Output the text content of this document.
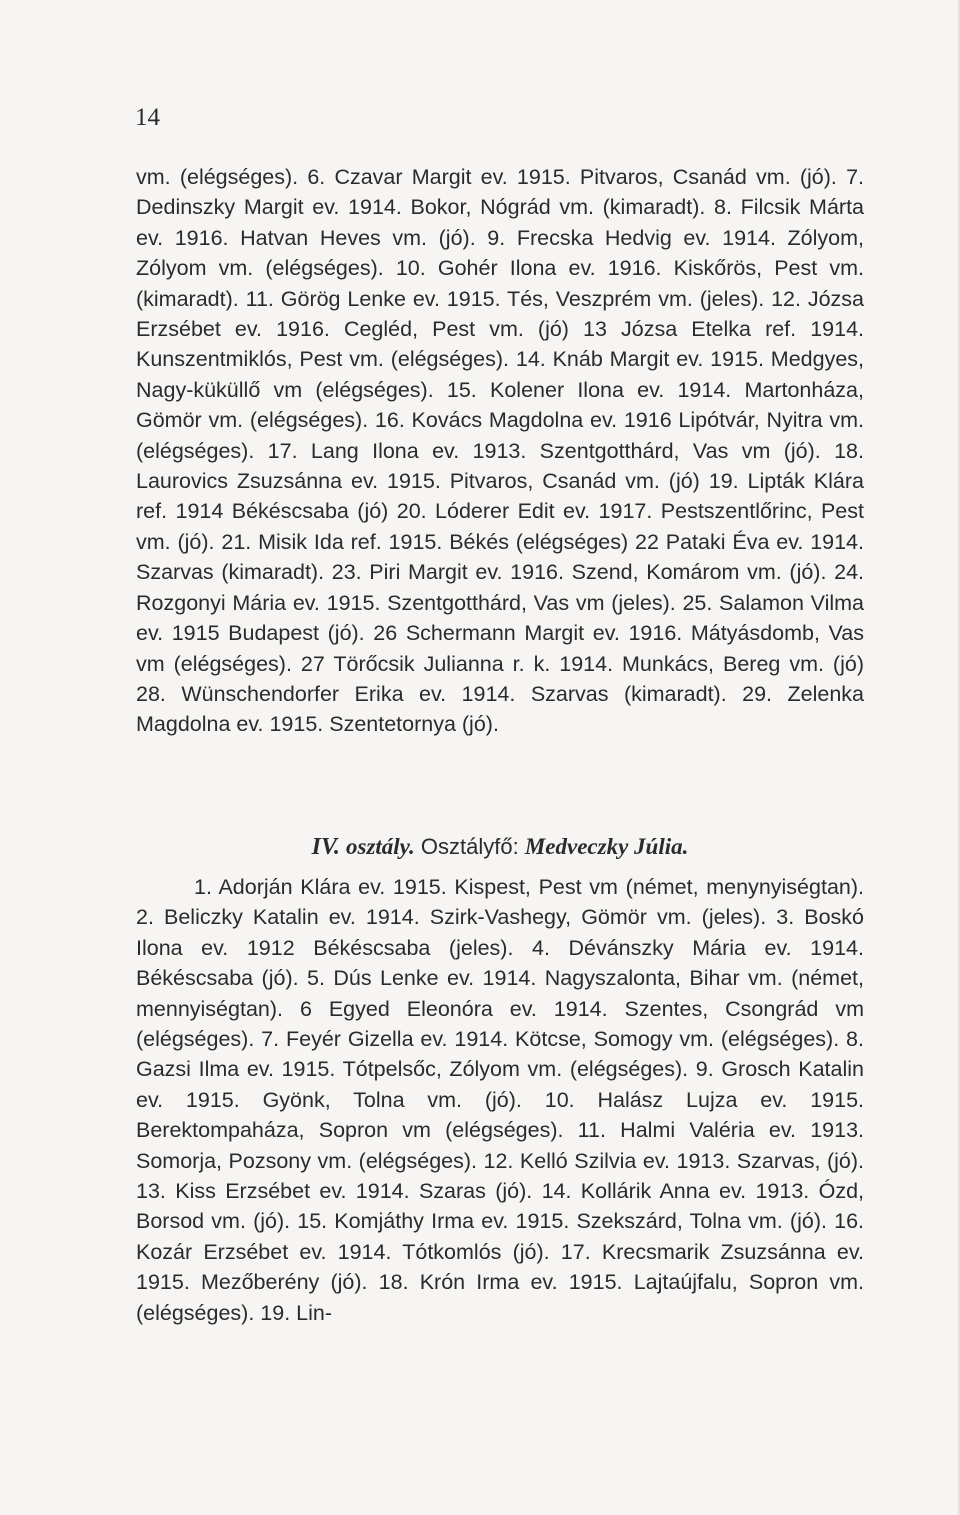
14

vm. (elégséges). 6. Czavar Margit ev. 1915. Pitvaros, Csanád vm. (jó). 7. Dedinszky Margit ev. 1914. Bokor, Nógrád vm. (kimaradt). 8. Filcsik Márta ev. 1916. Hatvan Heves vm. (jó). 9. Frecska Hedvig ev. 1914. Zólyom, Zólyom vm. (elégséges). 10. Gohér Ilona ev. 1916. Kiskőrös, Pest vm. (kimaradt). 11. Görög Lenke ev. 1915. Tés, Veszprém vm. (jeles). 12. Józsa Erzsébet ev. 1916. Cegléd, Pest vm. (jó) 13 Józsa Etelka ref. 1914. Kunszentmiklós, Pest vm. (elégséges). 14. Knáb Margit ev. 1915. Medgyes, Nagy-küküllő vm (elégséges). 15. Kolener Ilona ev. 1914. Martonháza, Gömör vm. (elégséges). 16. Kovács Magdolna ev. 1916 Lipótvár, Nyitra vm. (elégséges). 17. Lang Ilona ev. 1913. Szentgotthárd, Vas vm (jó). 18. Laurovics Zsuzsánna ev. 1915. Pitvaros, Csanád vm. (jó) 19. Lipták Klára ref. 1914 Békéscsaba (jó) 20. Lóderer Edit ev. 1917. Pestszentlőrinc, Pest vm. (jó). 21. Misik Ida ref. 1915. Békés (elégséges) 22 Pataki Éva ev. 1914. Szarvas (kimaradt). 23. Piri Margit ev. 1916. Szend, Komárom vm. (jó). 24. Rozgonyi Mária ev. 1915. Szentgotthárd, Vas vm (jeles). 25. Salamon Vilma ev. 1915 Budapest (jó). 26 Schermann Margit ev. 1916. Mátyásdomb, Vas vm (elégséges). 27 Törőcsik Julianna r. k. 1914. Munkács, Bereg vm. (jó) 28. Wünschendorfer Erika ev. 1914. Szarvas (kimaradt). 29. Zelenka Magdolna ev. 1915. Szentetornya (jó).

IV. osztály. Osztályfő: Medveczky Júlia.

1. Adorján Klára ev. 1915. Kispest, Pest vm (német, menynyiségtan). 2. Beliczky Katalin ev. 1914. Szirk-Vashegy, Gömör vm. (jeles). 3. Boskó Ilona ev. 1912 Békéscsaba (jeles). 4. Dévánszky Mária ev. 1914. Békéscsaba (jó). 5. Dús Lenke ev. 1914. Nagyszalonta, Bihar vm. (német, mennyiségtan). 6 Egyed Eleonóra ev. 1914. Szentes, Csongrád vm (elégséges). 7. Feyér Gizella ev. 1914. Kötcse, Somogy vm. (elégséges). 8. Gazsi Ilma ev. 1915. Tótpelsőc, Zólyom vm. (elégséges). 9. Grosch Katalin ev. 1915. Gyönk, Tolna vm. (jó). 10. Halász Lujza ev. 1915. Berektompaháza, Sopron vm (elégséges). 11. Halmi Valéria ev. 1913. Somorja, Pozsony vm. (elégséges). 12. Kelló Szilvia ev. 1913. Szarvas, (jó). 13. Kiss Erzsébet ev. 1914. Szaras (jó). 14. Kollárik Anna ev. 1913. Ózd, Borsod vm. (jó). 15. Komjáthy Irma ev. 1915. Szekszárd, Tolna vm. (jó). 16. Kozár Erzsébet ev. 1914. Tótkomlós (jó). 17. Krecsmarik Zsuzsánna ev. 1915. Mezőberény (jó). 18. Krón Irma ev. 1915. Lajtaújfalu, Sopron vm. (elégséges). 19. Lin-
